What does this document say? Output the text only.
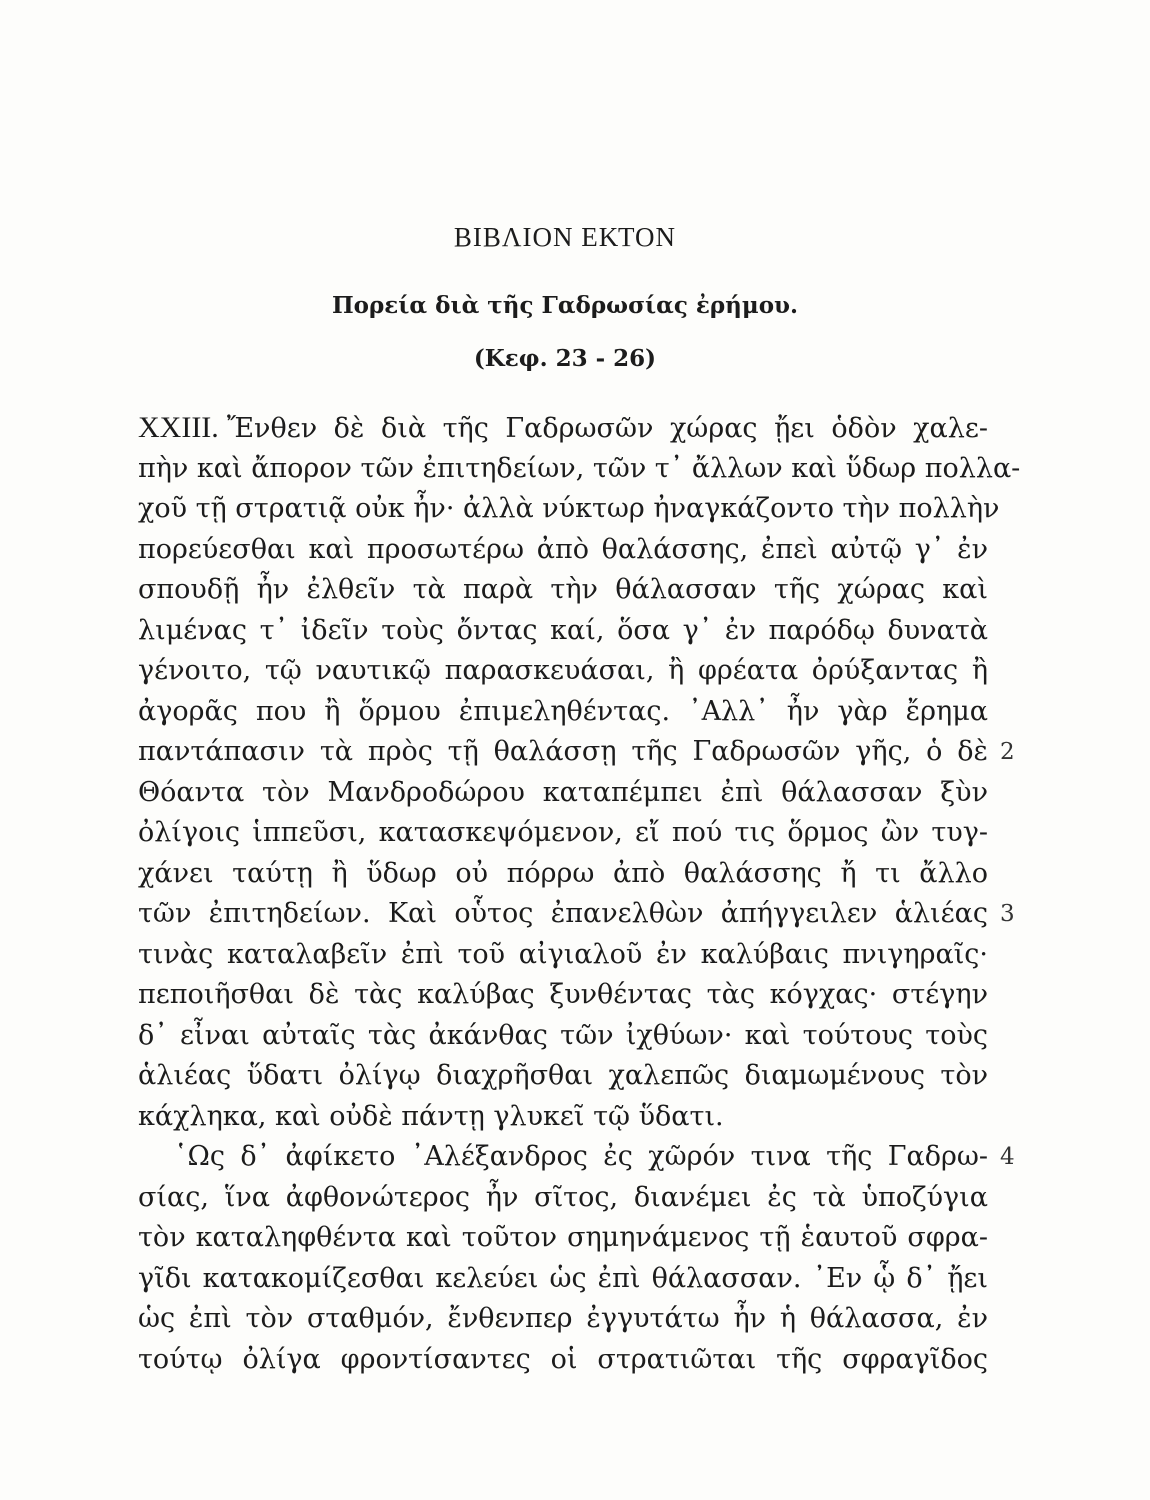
ΒΙΒΛΙΟΝ ΕΚΤΟΝ
Πορεία διὰ τῆς Γαδρωσίας ἐρήμου.
(Κεφ. 23 - 26)
XXIII. Ἔνθεν δὲ διὰ τῆς Γαδρωσῶν χώρας ᾔει ὁδὸν χαλε-
πὴν καὶ ἄπορον τῶν ἐπιτηδείων, τῶν τ᾽ ἄλλων καὶ ὕδωρ πολλα-
χοῦ τῇ στρατιᾷ οὐκ ἦν· ἀλλὰ νύκτωρ ἠναγκάζοντο τὴν πολλὴν
πορεύεσθαι καὶ προσωτέρω ἀπὸ θαλάσσης, ἐπεὶ αὐτῷ γ᾽ ἐν
σπουδῇ ἦν ἐλθεῖν τὰ παρὰ τὴν θάλασσαν τῆς χώρας καὶ
λιμένας τ᾽ ἰδεῖν τοὺς ὄντας καί, ὅσα γ᾽ ἐν παρόδῳ δυνατὰ
γένοιτο, τῷ ναυτικῷ παρασκευάσαι, ἢ φρέατα ὀρύξαντας ἢ
ἀγορᾶς που ἢ ὅρμου ἐπιμεληθέντας. ᾽Αλλ᾽ ἦν γὰρ ἔρημα
παντάπασιν τὰ πρὸς τῇ θαλάσσῃ τῆς Γαδρωσῶν γῆς, ὁ δὲ 2
Θόαντα τὸν Μανδροδώρου καταπέμπει ἐπὶ θάλασσαν ξὺν
ὀλίγοις ἱππεῦσι, κατασκεψόμενον, εἴ πού τις ὅρμος ὢν τυγ-
χάνει ταύτῃ ἢ ὕδωρ οὐ πόρρω ἀπὸ θαλάσσης ἤ τι ἄλλο
τῶν ἐπιτηδείων. Καὶ οὗτος ἐπανελθὼν ἀπήγγειλεν ἁλιέας 3
τινὰς καταλαβεῖν ἐπὶ τοῦ αἰγιαλοῦ ἐν καλύβαις πνιγηραῖς·
πεποιῆσθαι δὲ τὰς καλύβας ξυνθέντας τὰς κόγχας· στέγην
δ᾽ εἶναι αὐταῖς τὰς ἀκάνθας τῶν ἰχθύων· καὶ τούτους τοὺς
ἁλιέας ὕδατι ὀλίγῳ διαχρῆσθαι χαλεπῶς διαμωμένους τὸν
κάχληκα, καὶ οὐδὲ πάντῃ γλυκεῖ τῷ ὕδατι.
῾Ως δ᾽ ἀφίκετο ᾽Αλέξανδρος ἐς χῶρόν τινα τῆς Γαδρω- 4
σίας, ἵνα ἀφθονώτερος ἦν σῖτος, διανέμει ἐς τὰ ὑποζύγια
τὸν καταληφθέντα καὶ τοῦτον σημηνάμενος τῇ ἑαυτοῦ σφρα-
γῖδι κατακομίζεσθαι κελεύει ὡς ἐπὶ θάλασσαν. ᾽Εν ᾧ δ᾽ ᾔει
ὡς ἐπὶ τὸν σταθμόν, ἔνθενπερ ἐγγυτάτω ἦν ἡ θάλασσα, ἐν
τούτῳ ὀλίγα φροντίσαντες οἱ στρατιῶται τῆς σφραγῖδος
